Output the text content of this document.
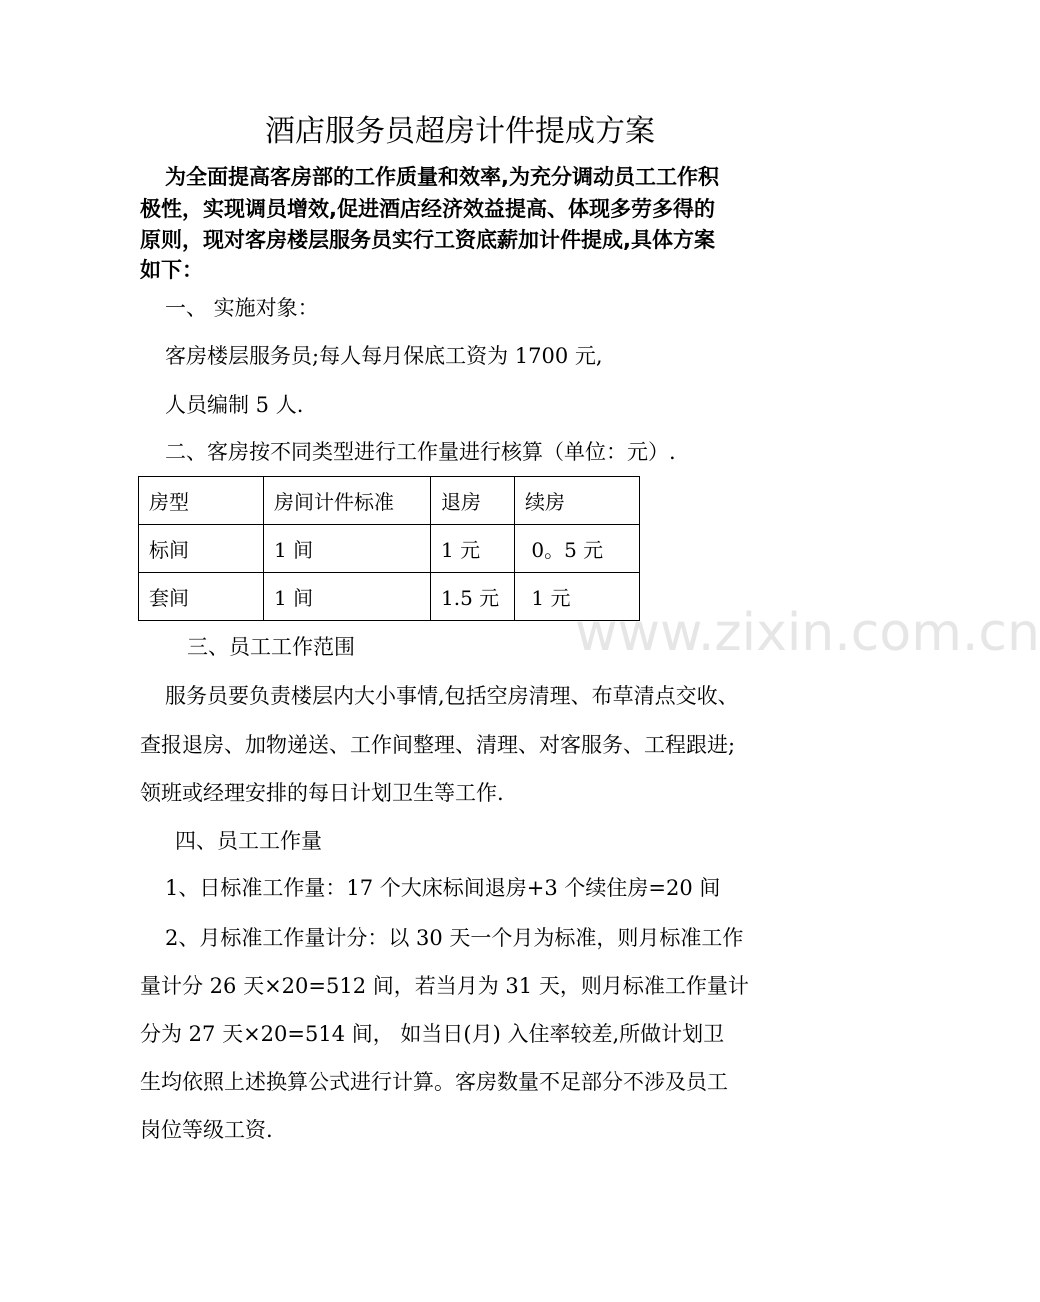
酒店服务员超房计件提成方案
为全面提高客房部的工作质量和效率,为充分调动员工工作积
极性，实现调员增效,促进酒店经济效益提高、体现多劳多得的
原则，现对客房楼层服务员实行工资底薪加计件提成,具体方案
如下：
一、 实施对象：
客房楼层服务员;每人每月保底工资为 1700 元,
人员编制 5 人.
二、客房按不同类型进行工作量进行核算（单位：元）.
房型	房间计件标准	退房	续房
标间	1 间	1 元	0。5 元
套间	1 间	1.5 元	1 元
www.zixin.com.cn
三、员工工作范围
服务员要负责楼层内大小事情,包括空房清理、布草清点交收、
查报退房、加物递送、工作间整理、清理、对客服务、工程跟进;
领班或经理安排的每日计划卫生等工作.
四、员工工作量
1、日标准工作量：17 个大床标间退房+3 个续住房=20 间
2、月标准工作量计分：以 30 天一个月为标准，则月标准工作
量计分 26 天×20=512 间，若当月为 31 天，则月标准工作量计
分为 27 天×20=514 间， 如当日(月) 入住率较差,所做计划卫
生均依照上述换算公式进行计算。客房数量不足部分不涉及员工
岗位等级工资.
